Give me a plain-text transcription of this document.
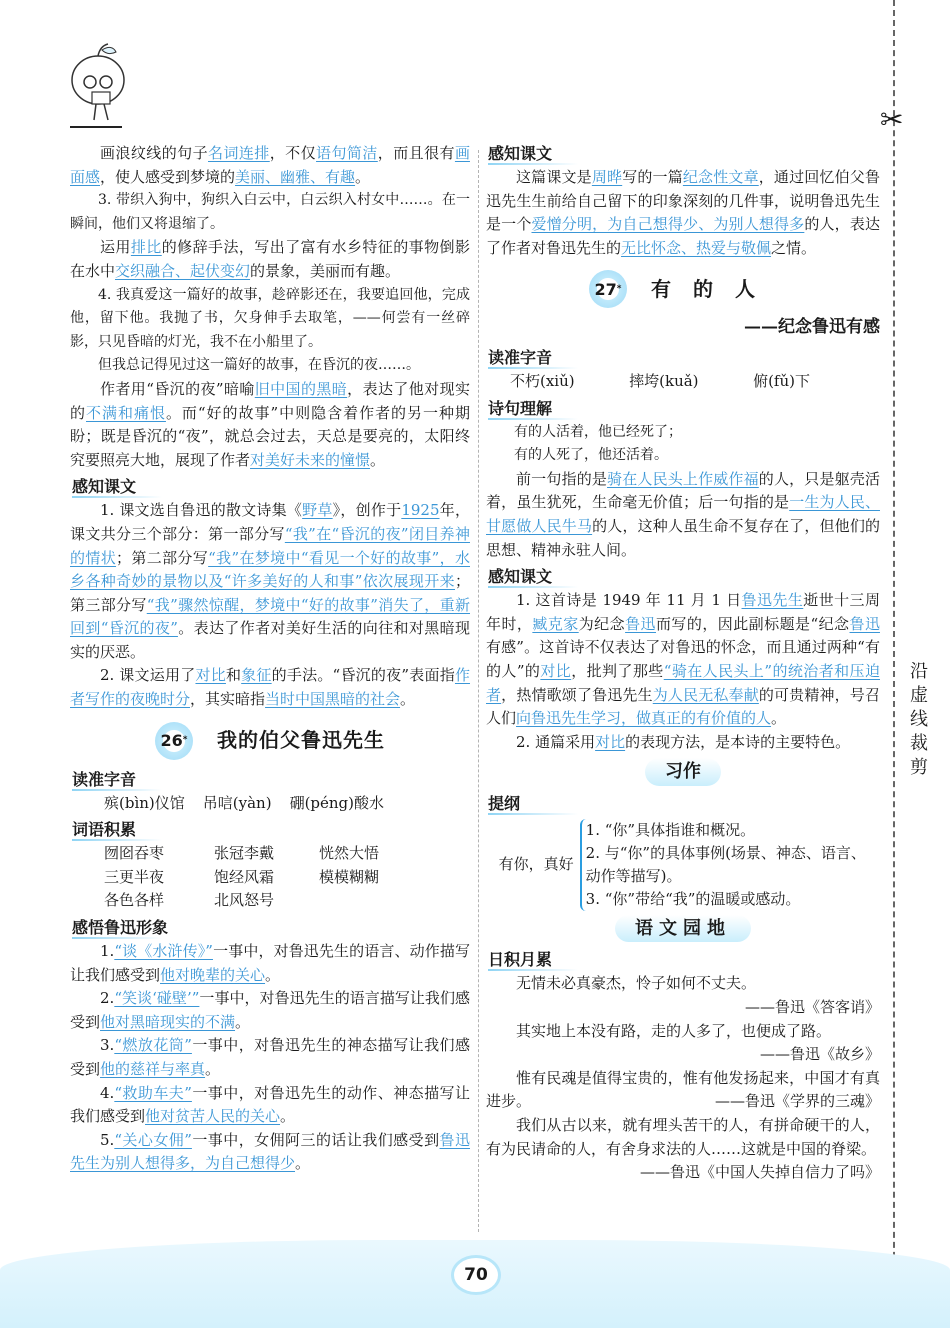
✂
沿
虚
线
裁
剪

画浪纹线的句子名词连排，不仅语句简洁，而且很有画面感，使人感受到梦境的美丽、幽雅、有趣。

3. 带织入狗中，狗织入白云中，白云织入村女中……。在一瞬间，他们又将退缩了。

运用排比的修辞手法，写出了富有水乡特征的事物倒影在水中交织融合、起伏变幻的景象，美丽而有趣。

4. 我真爱这一篇好的故事，趁碎影还在，我要追回他，完成他，留下他。我抛了书，欠身伸手去取笔，——何尝有一丝碎影，只见昏暗的灯光，我不在小船里了。

但我总记得见过这一篇好的故事，在昏沉的夜……。

作者用“昏沉的夜”暗喻旧中国的黑暗，表达了他对现实的不满和痛恨。而“好的故事”中则隐含着作者的另一种期盼；既是昏沉的“夜”，就总会过去，天总是要亮的，太阳终究要照亮大地，展现了作者对美好未来的憧憬。

感知课文

1. 课文选自鲁迅的散文诗集《野草》，创作于1925年，课文共分三个部分：第一部分写“我”在“昏沉的夜”闭目养神的情状；第二部分写“我”在梦境中“看见一个好的故事”，水乡各种奇妙的景物以及“许多美好的人和事”依次展现开来；第三部分写“我”骤然惊醒，梦境中“好的故事”消失了，重新回到“昏沉的夜”。表达了作者对美好生活的向往和对黑暗现实的厌恶。

2. 课文运用了对比和象征的手法。“昏沉的夜”表面指作者写作的夜晚时分，其实暗指当时中国黑暗的社会。

26 * 我的伯父鲁迅先生
读准字音
殡(bìn)仪馆 吊唁(yàn) 硼(péng)酸水
词语积累
囫囵吞枣	张冠李戴	恍然大悟
三更半夜	饱经风霜	模模糊糊
各色各样	北风怒号
感悟鲁迅形象

1.“谈《水浒传》”一事中，对鲁迅先生的语言、动作描写让我们感受到他对晚辈的关心。

2.“笑谈‘碰壁’”一事中，对鲁迅先生的语言描写让我们感受到他对黑暗现实的不满。

3.“燃放花筒”一事中，对鲁迅先生的神态描写让我们感受到他的慈祥与率真。

4.“救助车夫”一事中，对鲁迅先生的动作、神态描写让我们感受到他对贫苦人民的关心。

5.“关心女佣”一事中，女佣阿三的话让我们感受到鲁迅先生为别人想得多，为自己想得少。

感知课文

这篇课文是周晔写的一篇纪念性文章，通过回忆伯父鲁迅先生生前给自己留下的印象深刻的几件事，说明鲁迅先生是一个爱憎分明，为自己想得少、为别人想得多的人，表达了作者对鲁迅先生的无比怀念、热爱与敬佩之情。

27 * 有的人
——纪念鲁迅有感
读准字音
不朽(xiǔ)	摔垮(kuǎ)	俯(fǔ)下
诗句理解

有的人活着，他已经死了；

有的人死了，他还活着。

前一句指的是骑在人民头上作威作福的人，只是躯壳活着，虽生犹死，生命毫无价值；后一句指的是一生为人民、甘愿做人民牛马的人，这种人虽生命不复存在了，但他们的思想、精神永驻人间。

感知课文

1. 这首诗是 1949 年 11 月 1 日鲁迅先生逝世十三周年时，臧克家为纪念鲁迅而写的，因此副标题是“纪念鲁迅有感”。这首诗不仅表达了对鲁迅的怀念，而且通过两种“有的人”的对比，批判了那些“骑在人民头上”的统治者和压迫者，热情歌颂了鲁迅先生为人民无私奉献的可贵精神，号召人们向鲁迅先生学习，做真正的有价值的人。

2. 通篇采用对比的表现方法，是本诗的主要特色。

习作
提纲
有你，真好
1. “你”具体指谁和概况。
2. 与“你”的具体事例(场景、神态、语言、动作等描写)。
3. “你”带给“我”的温暖或感动。
语文园地
日积月累

无情未必真豪杰，怜子如何不丈夫。

——鲁迅《答客诮》

其实地上本没有路，走的人多了，也便成了路。

——鲁迅《故乡》

惟有民魂是值得宝贵的，惟有他发扬起来，中国才有真进步。	——鲁迅《学界的三魂》

我们从古以来，就有埋头苦干的人，有拼命硬干的人，有为民请命的人，有舍身求法的人……这就是中国的脊梁。
——鲁迅《中国人失掉自信力了吗》

70
